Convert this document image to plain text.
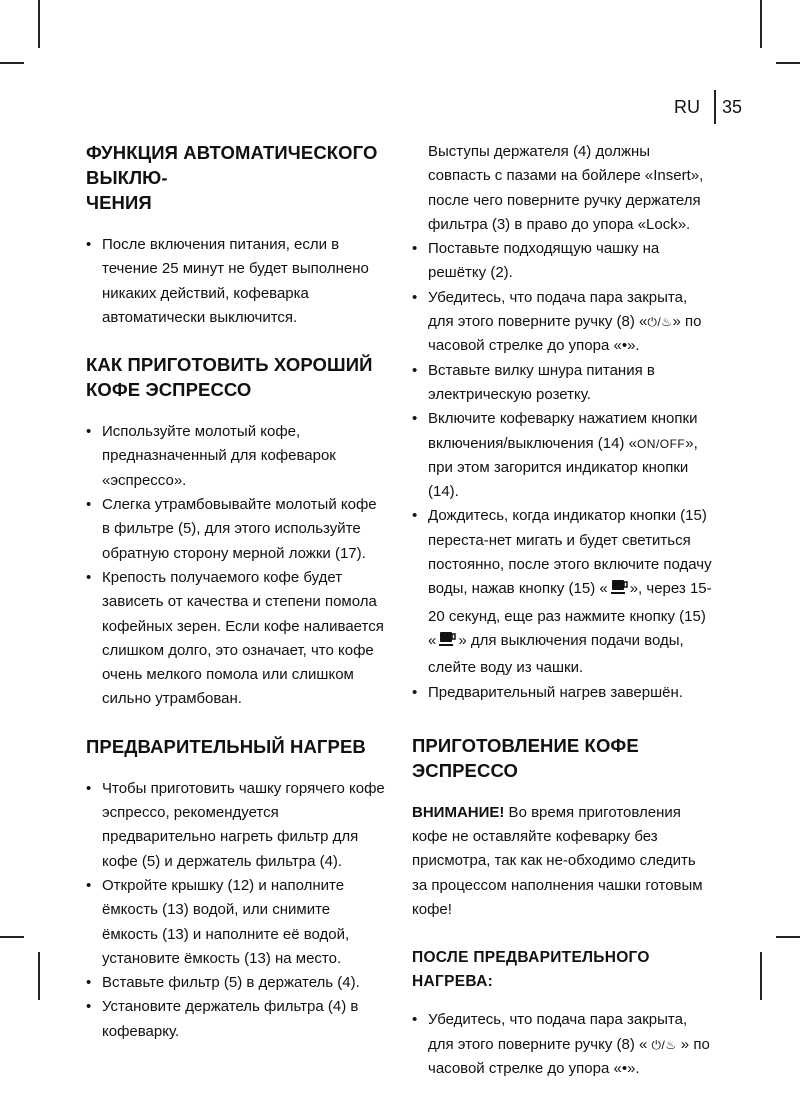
RU 35
ФУНКЦИЯ АВТОМАТИЧЕСКОГО ВЫКЛЮ-
ЧЕНИЯ
• После включения питания, если в течение 25 минут не будет выполнено никаких действий, кофеварка автоматически выключится.
КАК ПРИГОТОВИТЬ ХОРОШИЙ КОФЕ ЭСПРЕССО
• Используйте молотый кофе, предназначенный для кофеварок «эспрессо».
• Слегка утрамбовывайте молотый кофе в фильтре (5), для этого используйте обратную сторону мерной ложки (17).
• Крепость получаемого кофе будет зависеть от качества и степени помола кофейных зерен. Если кофе наливается слишком долго, это означает, что кофе очень мелкого помола или слишком сильно утрамбован.
ПРЕДВАРИТЕЛЬНЫЙ НАГРЕВ
• Чтобы приготовить чашку горячего кофе эспрессо, рекомендуется предварительно нагреть фильтр для кофе (5) и держатель фильтра (4).
• Откройте крышку (12) и наполните ёмкость (13) водой, или снимите ёмкость (13) и наполните её водой, установите ёмкость (13) на место.
• Вставьте фильтр (5) в держатель (4).
• Установите держатель фильтра (4) в кофеварку.

Выступы держателя (4) должны совпасть с пазами на бойлере «Insert», после чего поверните ручку держателя фильтра (3) в право до упора «Lock».

• Поставьте подходящую чашку на решётку (2).
• Убедитесь, что подача пара закрыта, для этого поверните ручку (8) «⏻/♨» по часовой стрелке до упора «•».
• Вставьте вилку шнура питания в электрическую розетку.
• Включите кофеварку нажатием кнопки включения/выключения (14) «ON/OFF», при этом загорится индикатор кнопки (14).
• Дождитесь, когда индикатор кнопки (15) переста-нет мигать и будет светиться постоянно, после этого включите подачу воды, нажав кнопку (15) « », через 15-20 секунд, еще раз нажмите кнопку (15) « » для выключения подачи воды, слейте воду из чашки.
• Предварительный нагрев завершён.
ПРИГОТОВЛЕНИЕ КОФЕ ЭСПРЕССО

ВНИМАНИЕ! Во время приготовления кофе не оставляйте кофеварку без присмотра, так как не-обходимо следить за процессом наполнения чашки готовым кофе!

ПОСЛЕ ПРЕДВАРИТЕЛЬНОГО НАГРЕВА:
• Убедитесь, что подача пара закрыта, для этого поверните ручку (8) « ⏻/♨ » по часовой стрелке до упора «•».
